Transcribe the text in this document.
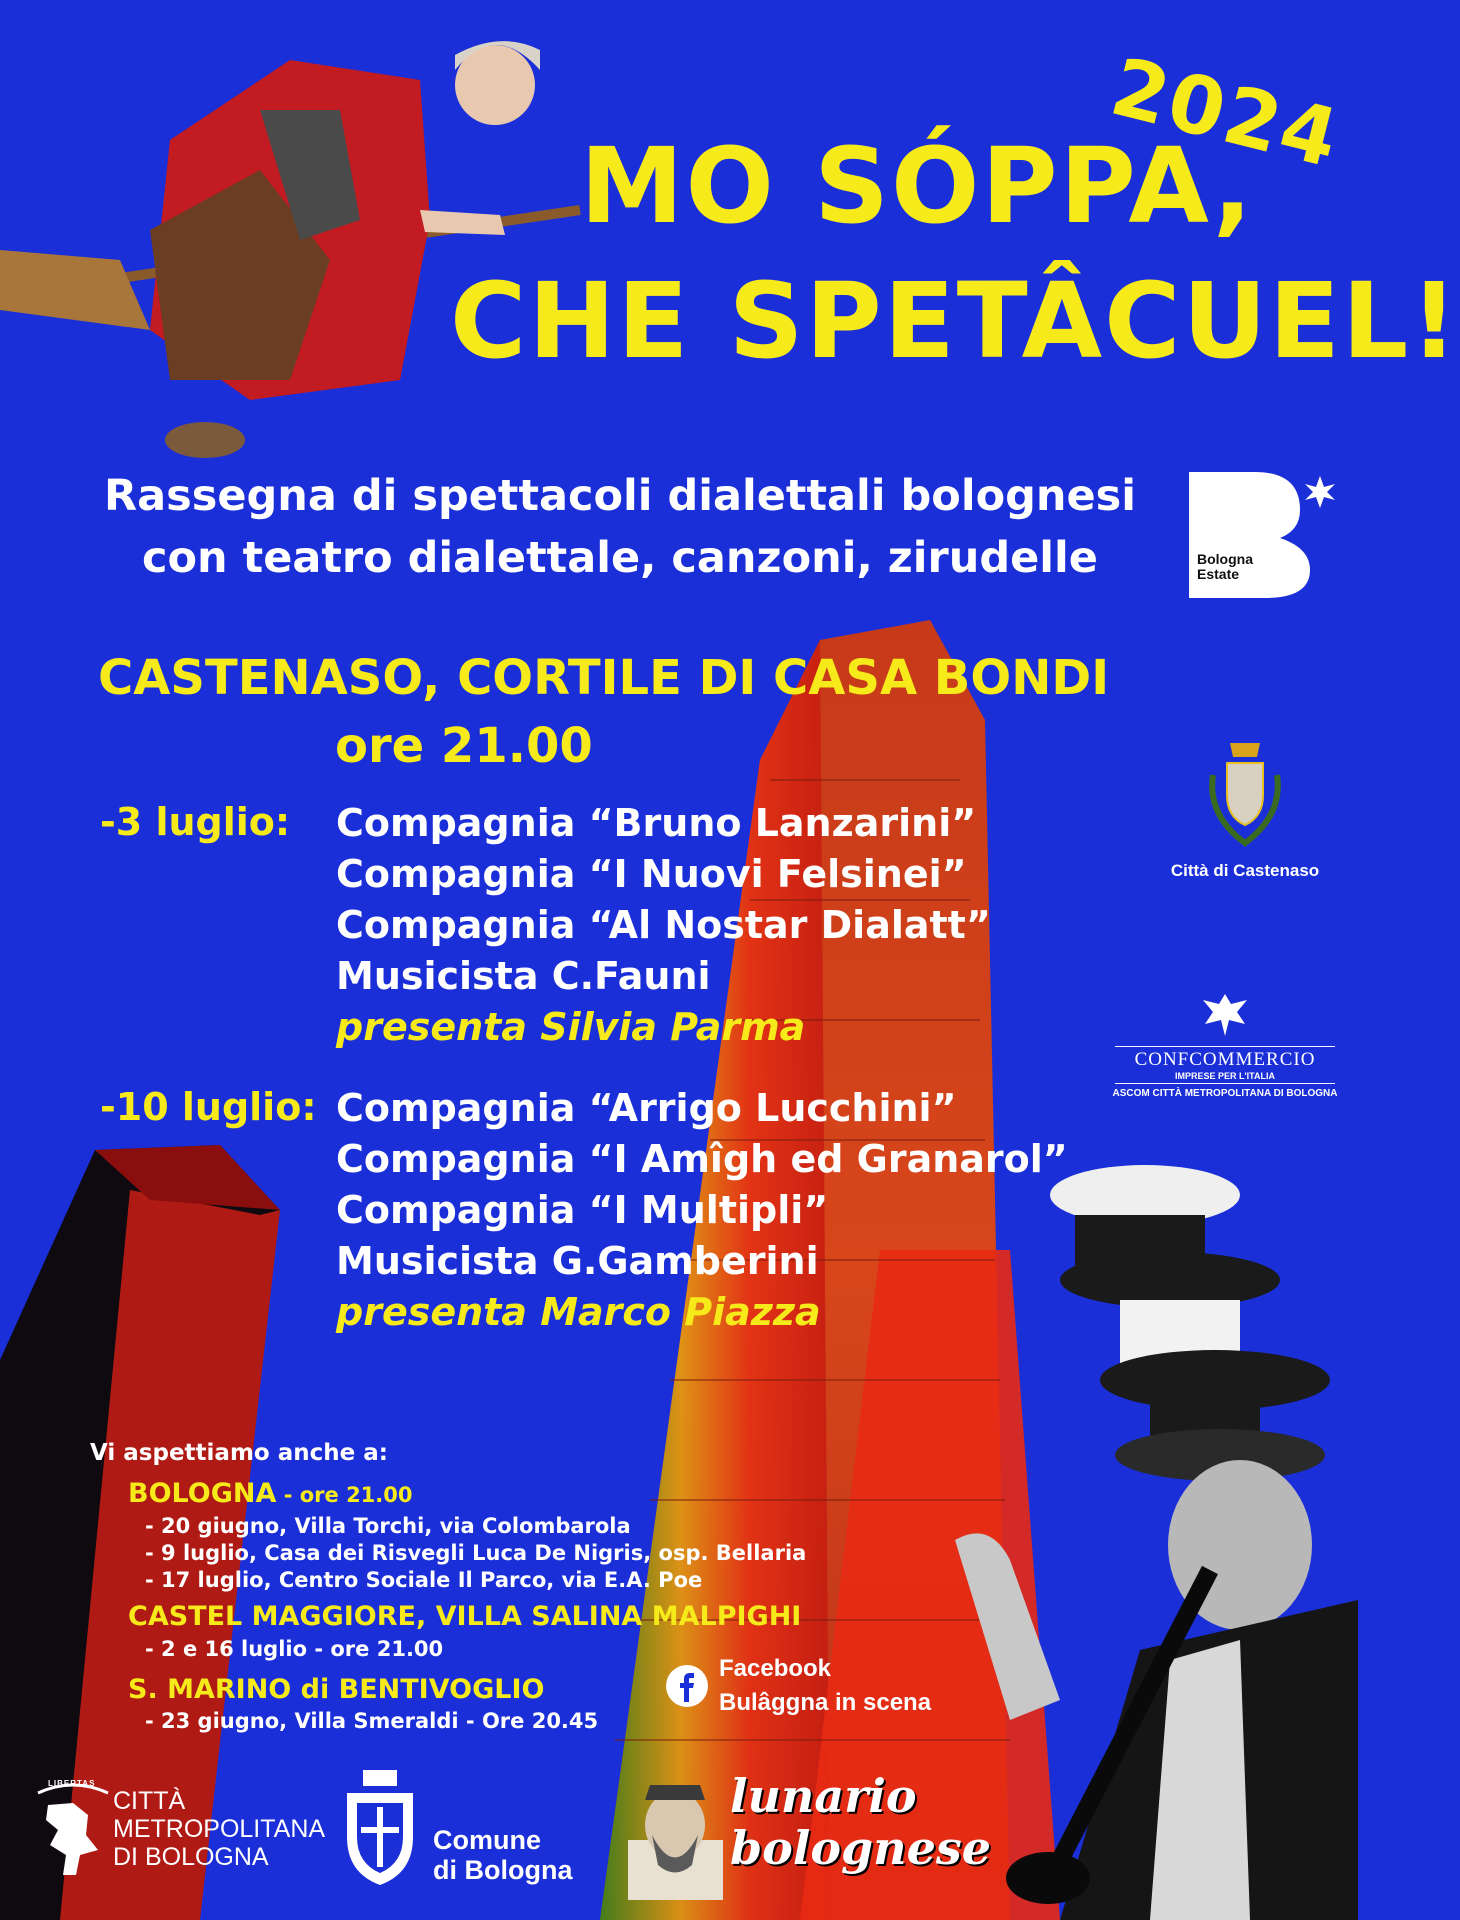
2024
MO SÓPPA,
CHE SPETÂCUEL!
Rassegna di spettacoli dialettali bolognesi
con teatro dialettale, canzoni, zirudelle	Bologna Estate
CASTENASO, CORTILE DI CASA BONDI
ore 21.00
-3 luglio: Compagnia “Bruno Lanzarini”
Compagnia “I Nuovi Felsinei”
Compagnia “Al Nostar Dialatt”
Musicista C.Fauni
presenta Silvia Parma
-10 luglio: Compagnia “Arrigo Lucchini”
Compagnia “I Amîgh ed Granarol”
Compagnia “I Multipli”
Musicista G.Gamberini
presenta Marco Piazza
Città di Castenaso
CONFCOMMERCIO
IMPRESE PER L'ITALIA
ASCOM CITTÀ METROPOLITANA DI BOLOGNA
Vi aspettiamo anche a:
BOLOGNA - ore 21.00
- 20 giugno, Villa Torchi, via Colombarola
- 9 luglio, Casa dei Risvegli Luca De Nigris, osp. Bellaria
- 17 luglio, Centro Sociale Il Parco, via E.A. Poe
CASTEL MAGGIORE, VILLA SALINA MALPIGHI
- 2 e 16 luglio - ore 21.00
S. MARINO di BENTIVOGLIO
- 23 giugno, Villa Smeraldi - Ore 20.45
Facebook
Bulâggna in scena
LIBERTAS
CITTÀ
METROPOLITANA
DI BOLOGNA
Comune
di Bologna
lunario
bolognese
